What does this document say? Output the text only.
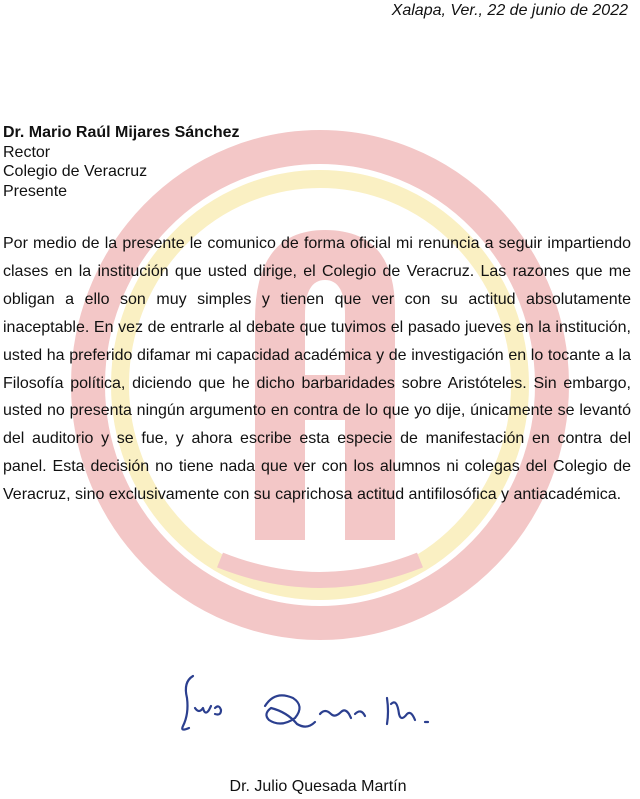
Xalapa, Ver., 22 de junio de 2022

Dr. Mario Raúl Mijares Sánchez
Rector
Colegio de Veracruz
Presente

Por medio de la presente le comunico de forma oficial mi renuncia a seguir impartiendo clases en la institución que usted dirige, el Colegio de Veracruz. Las razones que me obligan a ello son muy simples y tienen que ver con su actitud absolutamente inaceptable. En vez de entrarle al debate que tuvimos el pasado jueves en la institución, usted ha preferido difamar mi capacidad académica y de investigación en lo tocante a la Filosofía política, diciendo que he dicho barbaridades sobre Aristóteles. Sin embargo, usted no presenta ningún argumento en contra de lo que yo dije, únicamente se levantó del auditorio y se fue, y ahora escribe esta especie de manifestación en contra del panel. Esta decisión no tiene nada que ver con los alumnos ni colegas del Colegio de Veracruz, sino exclusivamente con su caprichosa actitud antifilosófica y antiacadémica.

Dr. Julio Quesada Martín
